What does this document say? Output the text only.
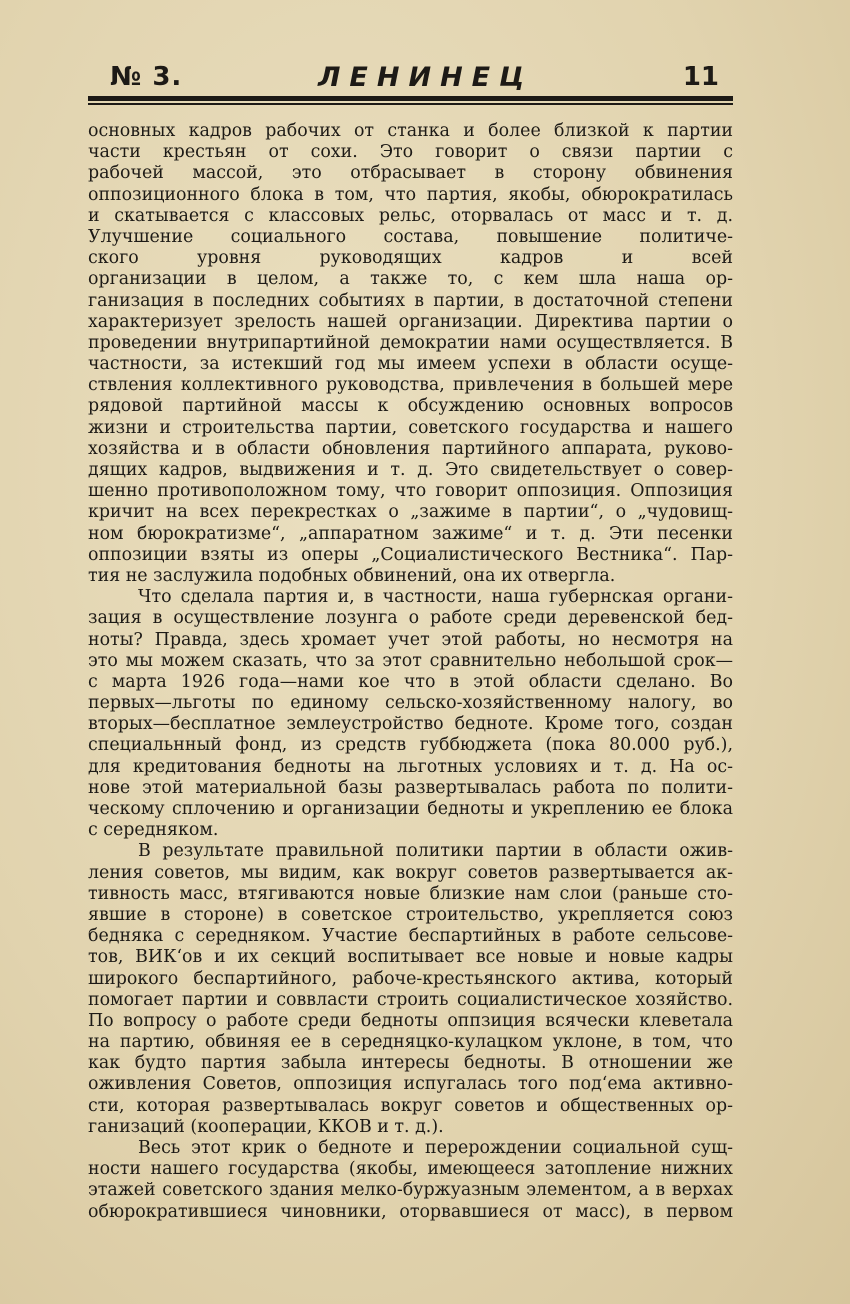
№ 3.	ЛЕНИНЕЦ	11
основных кадров рабочих от станка и более близкой к партии
части крестьян от сохи. Это говорит о связи партии с
рабочей массой, это отбрасывает в сторону обвинения
оппозиционного блока в том, что партия, якобы, обюрократилась
и скатывается с классовых рельс, оторвалась от масс и т. д.
Улучшение социального состава, повышение политиче-
ского уровня руководящих кадров и всей
организации в целом, а также то, с кем шла наша ор-
ганизация в последних событиях в партии, в достаточной степени
характеризует зрелость нашей организации. Директива партии о
проведении внутрипартийной демократии нами осуществляется. В
частности, за истекший год мы имеем успехи в области осуще-
ствления коллективного руководства, привлечения в большей мере
рядовой партийной массы к обсуждению основных вопросов
жизни и строительства партии, советского государства и нашего
хозяйства и в области обновления партийного аппарата, руково-
дящих кадров, выдвижения и т. д. Это свидетельствует о совер-
шенно противоположном тому, что говорит оппозиция. Оппозиция
кричит на всех перекрестках о „зажиме в партии“, о „чудовищ-
ном бюрократизме“, „аппаратном зажиме“ и т. д. Эти песенки
оппозиции взяты из оперы „Социалистического Вестника“. Пар-
тия не заслужила подобных обвинений, она их отвергла.
Что сделала партия и, в частности, наша губернская органи-
зация в осуществление лозунга о работе среди деревенской бед-
ноты? Правда, здесь хромает учет этой работы, но несмотря на
это мы можем сказать, что за этот сравнительно небольшой срок—
с марта 1926 года—нами кое что в этой области сделано. Во
первых—льготы по единому сельско-хозяйственному налогу, во
вторых—бесплатное землеустройство бедноте. Кроме того, создан
специальнный фонд, из средств губбюджета (пока 80.000 руб.),
для кредитования бедноты на льготных условиях и т. д. На ос-
нове этой материальной базы развертывалась работа по полити-
ческому сплочению и организации бедноты и укреплению ее блока
с середняком.
В результате правильной политики партии в области ожив-
ления советов, мы видим, как вокруг советов развертывается ак-
тивность масс, втягиваются новые близкие нам слои (раньше сто-
явшие в стороне) в советское строительство, укрепляется союз
бедняка с середняком. Участие беспартийных в работе сельсове-
тов, ВИК‘ов и их секций воспитывает все новые и новые кадры
широкого беспартийного, рабоче-крестьянского актива, который
помогает партии и соввласти строить социалистическое хозяйство.
По вопросу о работе среди бедноты оппзиция всячески клеветала
на партию, обвиняя ее в середняцко-кулацком уклоне, в том, что
как будто партия забыла интересы бедноты. В отношении же
оживления Советов, оппозиция испугалась того под‘ема активно-
сти, которая развертывалась вокруг советов и общественных ор-
ганизаций (кооперации, ККОВ и т. д.).
Весь этот крик о бедноте и перерождении социальной сущ-
ности нашего государства (якобы, имеющееся затопление нижних
этажей советского здания мелко-буржуазным элементом, а в верхах
обюрократившиеся чиновники, оторвавшиеся от масс), в первом
